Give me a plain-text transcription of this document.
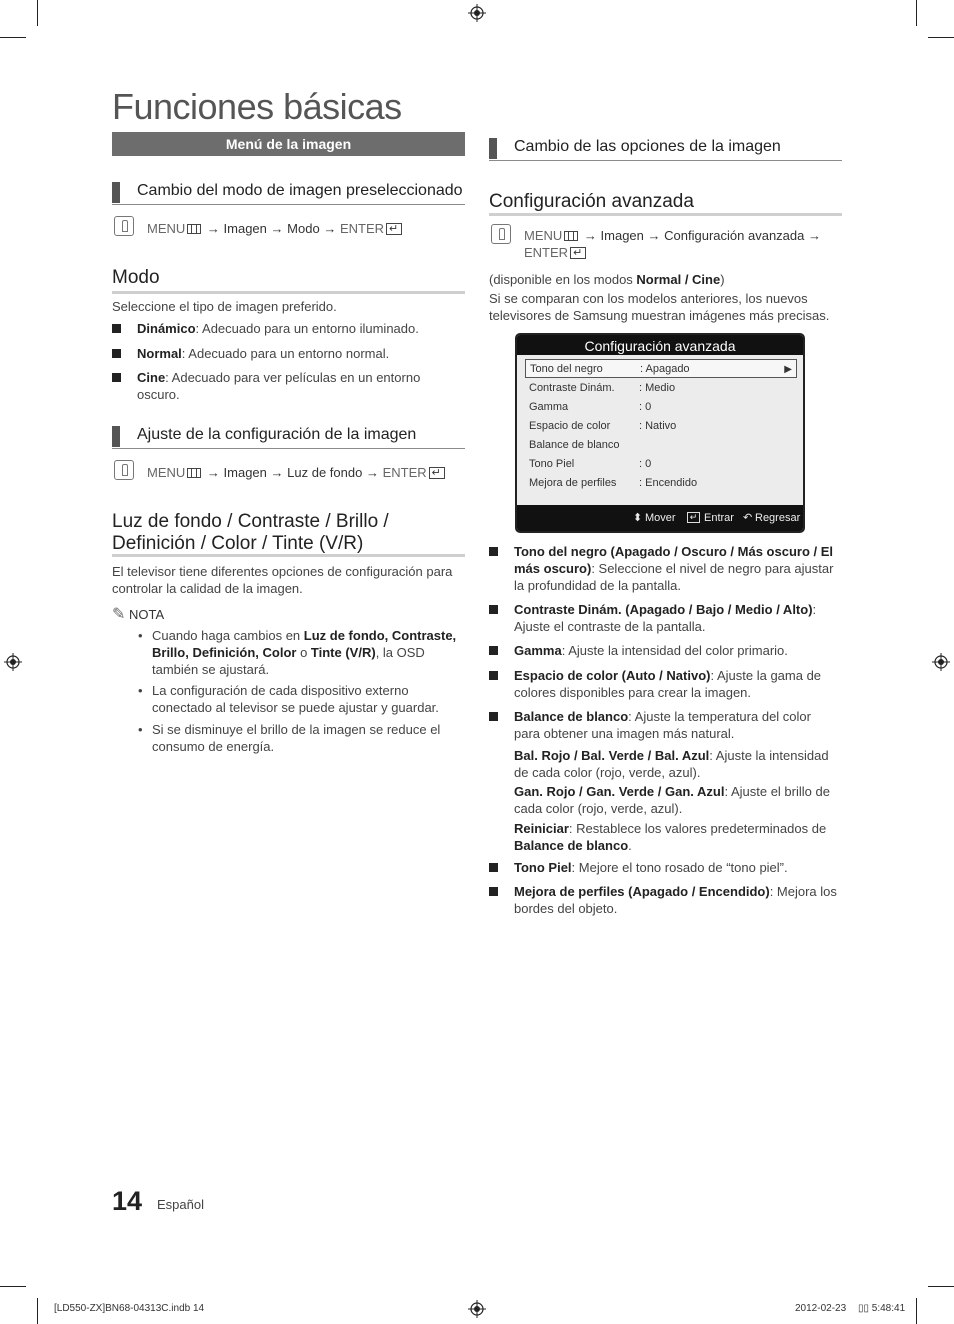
Funciones básicas
Menú de la imagen
Cambio del modo de imagen preseleccionado
MENU → Imagen → Modo → ENTER↵
Modo
Seleccione el tipo de imagen preferido.
Dinámico: Adecuado para un entorno iluminado.
Normal: Adecuado para un entorno normal.
Cine: Adecuado para ver películas en un entorno oscuro.
Ajuste de la configuración de la imagen
MENU → Imagen → Luz de fondo → ENTER↵
Luz de fondo / Contraste / Brillo /
Definición / Color / Tinte (V/R)
El televisor tiene diferentes opciones de configuración para controlar la calidad de la imagen.
✎ NOTA
• Cuando haga cambios en Luz de fondo, Contraste, Brillo, Definición, Color o Tinte (V/R), la OSD también se ajustará.
• La configuración de cada dispositivo externo conectado al televisor se puede ajustar y guardar.
• Si se disminuye el brillo de la imagen se reduce el consumo de energía.
Cambio de las opciones de la imagen
Configuración avanzada
MENU → Imagen → Configuración avanzada →
ENTER↵
(disponible en los modos Normal / Cine)
Si se comparan con los modelos anteriores, los nuevos televisores de Samsung muestran imágenes más precisas.
Configuración avanzada
Tono del negro	: Apagado	▶
Contraste Dinám. : Medio
Gamma	: 0
Espacio de color	: Nativo
Balance de blanco
Tono Piel	: 0
Mejora de perfiles : Encendido
⬍ Mover	↵ Entrar ↶ Regresar
Tono del negro (Apagado / Oscuro / Más oscuro / El más oscuro): Seleccione el nivel de negro para ajustar la profundidad de la pantalla.
Contraste Dinám. (Apagado / Bajo / Medio / Alto): Ajuste el contraste de la pantalla.
Gamma: Ajuste la intensidad del color primario.
Espacio de color (Auto / Nativo): Ajuste la gama de colores disponibles para crear la imagen.
Balance de blanco: Ajuste la temperatura del color para obtener una imagen más natural.
Bal. Rojo / Bal. Verde / Bal. Azul: Ajuste la intensidad de cada color (rojo, verde, azul).
Gan. Rojo / Gan. Verde / Gan. Azul: Ajuste el brillo de cada color (rojo, verde, azul).
Reiniciar: Restablece los valores predeterminados de Balance de blanco.
Tono Piel: Mejore el tono rosado de “tono piel”.
Mejora de perfiles (Apagado / Encendido): Mejora los bordes del objeto.
14 Español
[LD550-ZX]BN68-04313C.indb 14	2012-02-23 ▯▯ 5:48:41
